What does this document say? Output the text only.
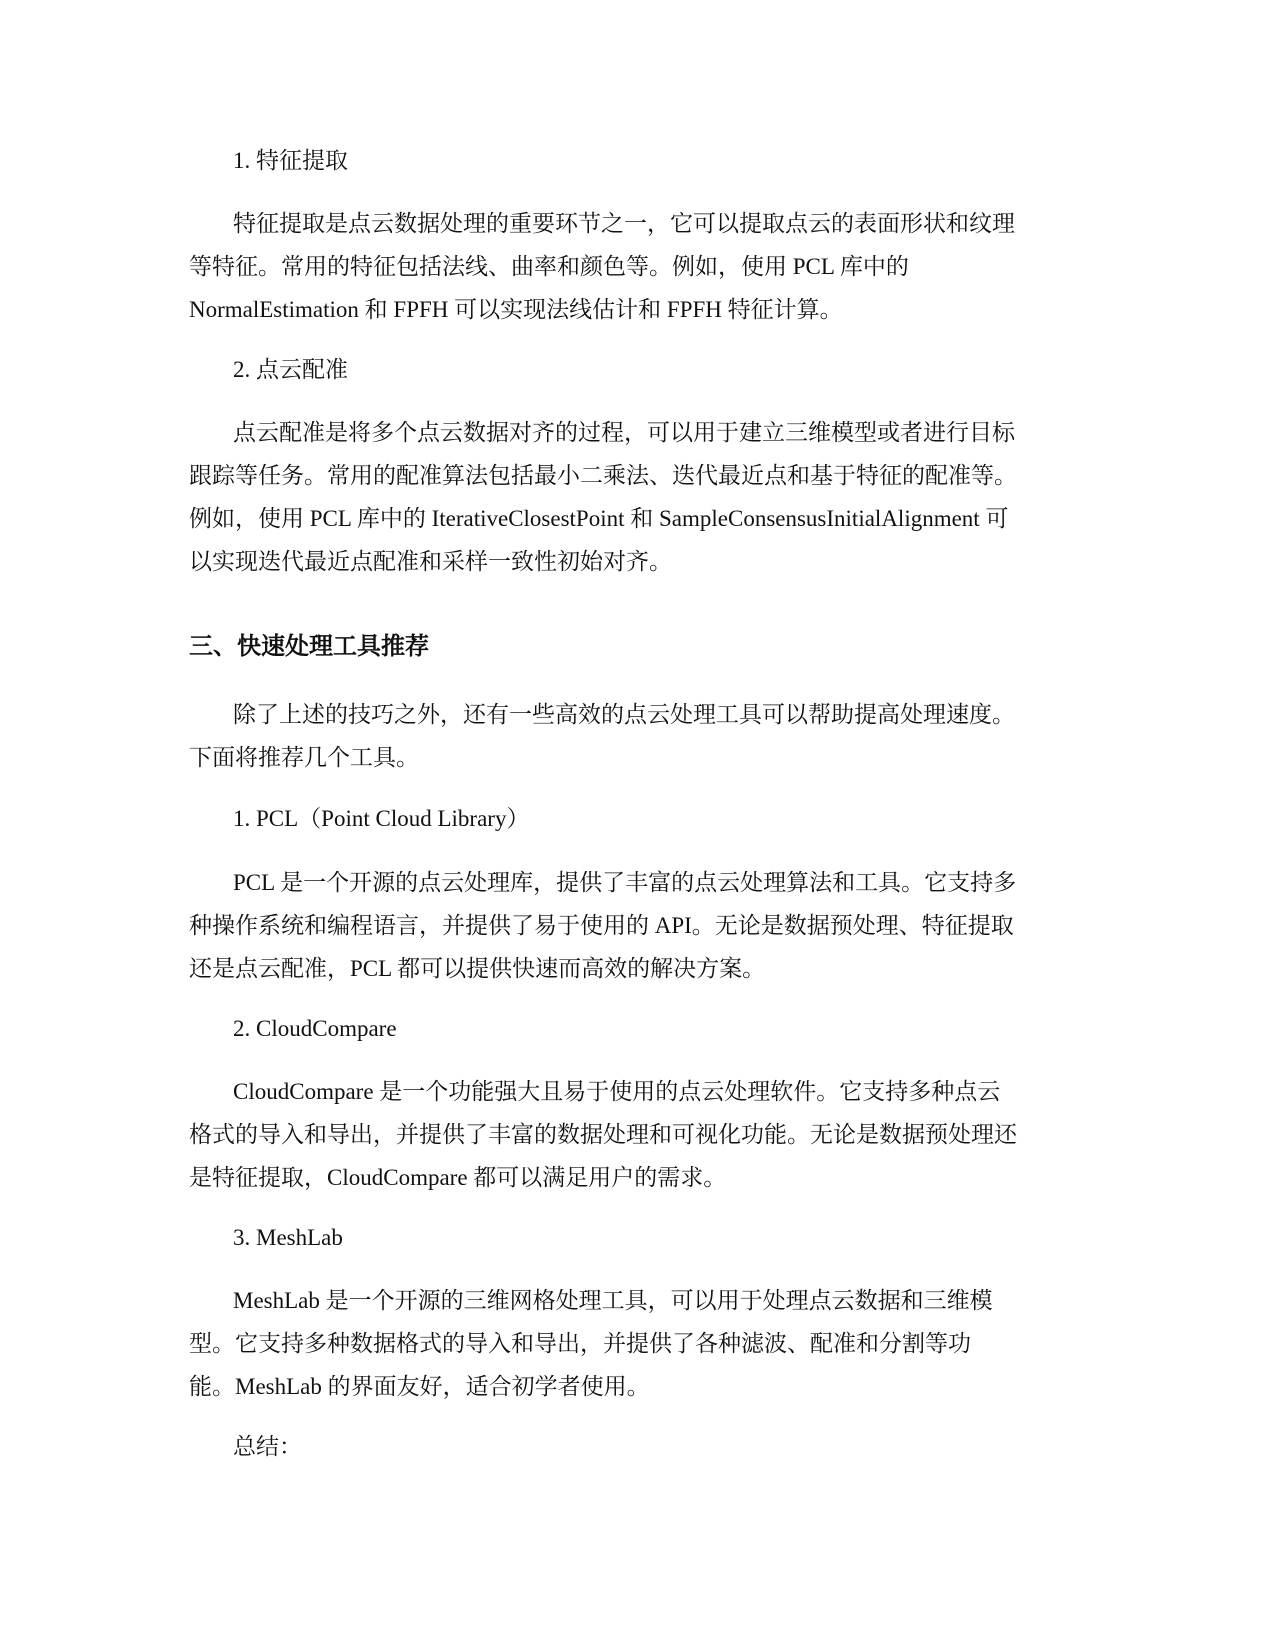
1. 特征提取

特征提取是点云数据处理的重要环节之一，它可以提取点云的表面形状和纹理
等特征。常用的特征包括法线、曲率和颜色等。例如，使用 PCL 库中的
NormalEstimation 和 FPFH 可以实现法线估计和 FPFH 特征计算。

2. 点云配准

点云配准是将多个点云数据对齐的过程，可以用于建立三维模型或者进行目标
跟踪等任务。常用的配准算法包括最小二乘法、迭代最近点和基于特征的配准等。
例如，使用 PCL 库中的 IterativeClosestPoint 和 SampleConsensusInitialAlignment 可
以实现迭代最近点配准和采样一致性初始对齐。

三、快速处理工具推荐

除了上述的技巧之外，还有一些高效的点云处理工具可以帮助提高处理速度。
下面将推荐几个工具。

1. PCL（Point Cloud Library）

PCL 是一个开源的点云处理库，提供了丰富的点云处理算法和工具。它支持多
种操作系统和编程语言，并提供了易于使用的 API。无论是数据预处理、特征提取
还是点云配准，PCL 都可以提供快速而高效的解决方案。

2. CloudCompare

CloudCompare 是一个功能强大且易于使用的点云处理软件。它支持多种点云
格式的导入和导出，并提供了丰富的数据处理和可视化功能。无论是数据预处理还
是特征提取，CloudCompare 都可以满足用户的需求。

3. MeshLab

MeshLab 是一个开源的三维网格处理工具，可以用于处理点云数据和三维模
型。它支持多种数据格式的导入和导出，并提供了各种滤波、配准和分割等功
能。MeshLab 的界面友好，适合初学者使用。

总结：
